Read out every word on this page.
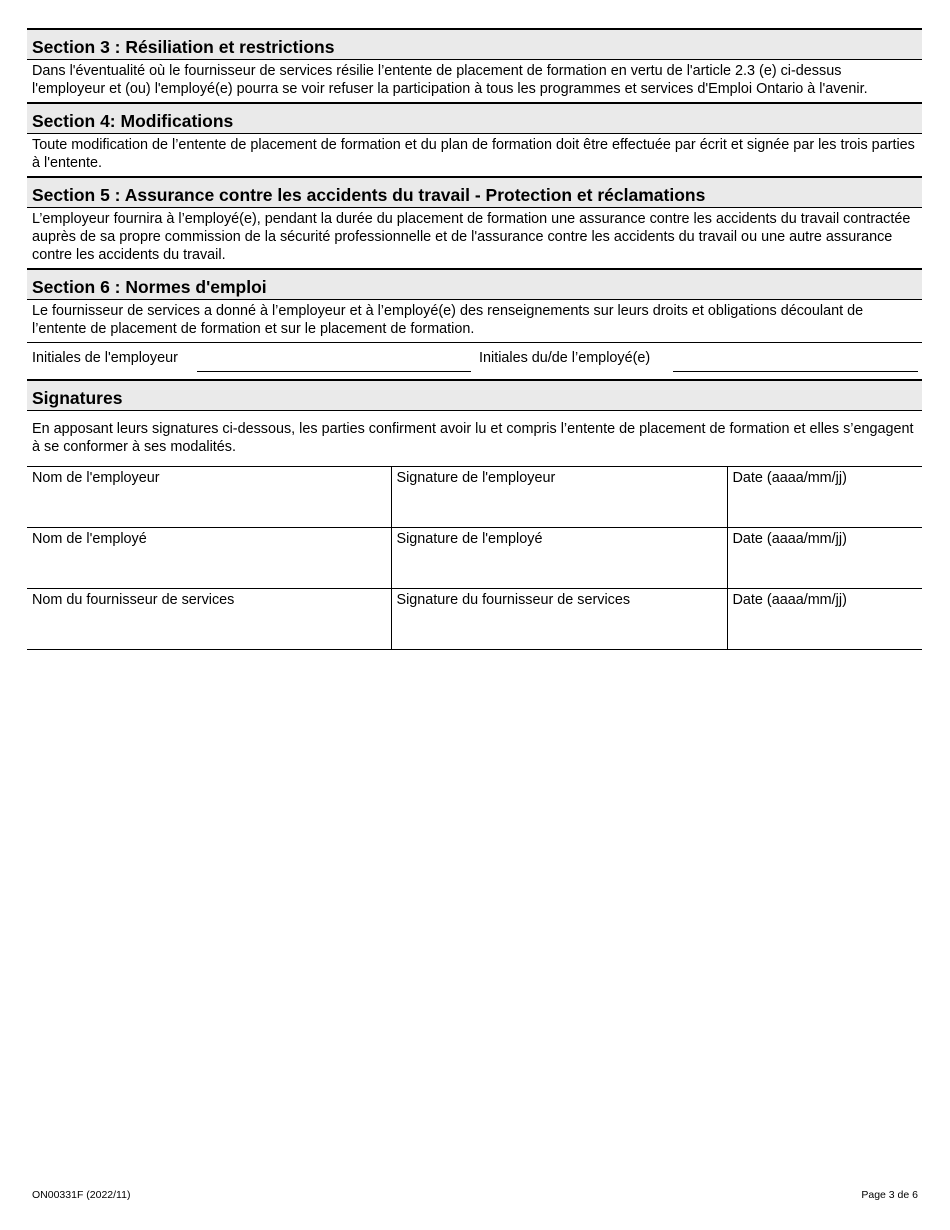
Section 3 : Résiliation et restrictions
Dans l'éventualité où le fournisseur de services résilie l’entente de placement de formation en vertu de l'article 2.3 (e) ci-dessus l'employeur et (ou) l'employé(e) pourra se voir refuser la participation à tous les programmes et services d'Emploi Ontario à l'avenir.
Section 4: Modifications
Toute modification de l’entente de placement de formation et du plan de formation doit être effectuée par écrit et signée par les trois parties à l'entente.
Section 5 : Assurance contre les accidents du travail - Protection et réclamations
L’employeur fournira à l’employé(e), pendant la durée du placement de formation une assurance contre les accidents du travail contractée auprès de sa propre commission de la sécurité professionnelle et de l'assurance contre les accidents du travail ou une autre assurance contre les accidents du travail.
Section 6 : Normes d'emploi
Le fournisseur de services a donné à l’employeur et à l’employé(e) des renseignements sur leurs droits et obligations découlant de l’entente de placement de formation et sur le placement de formation.
Initiales de l'employeur	Initiales du/de l’employé(e)
Signatures
En apposant leurs signatures ci-dessous, les parties confirment avoir lu et compris l’entente de placement de formation et elles s’engagent à se conformer à ses modalités.
Nom de l'employeur	Signature de l'employeur	Date (aaaa/mm/jj)
Nom de l'employé	Signature de l'employé	Date (aaaa/mm/jj)
Nom du fournisseur de services	Signature du fournisseur de services	Date (aaaa/mm/jj)
ON00331F (2022/11)	Page 3 de 6
